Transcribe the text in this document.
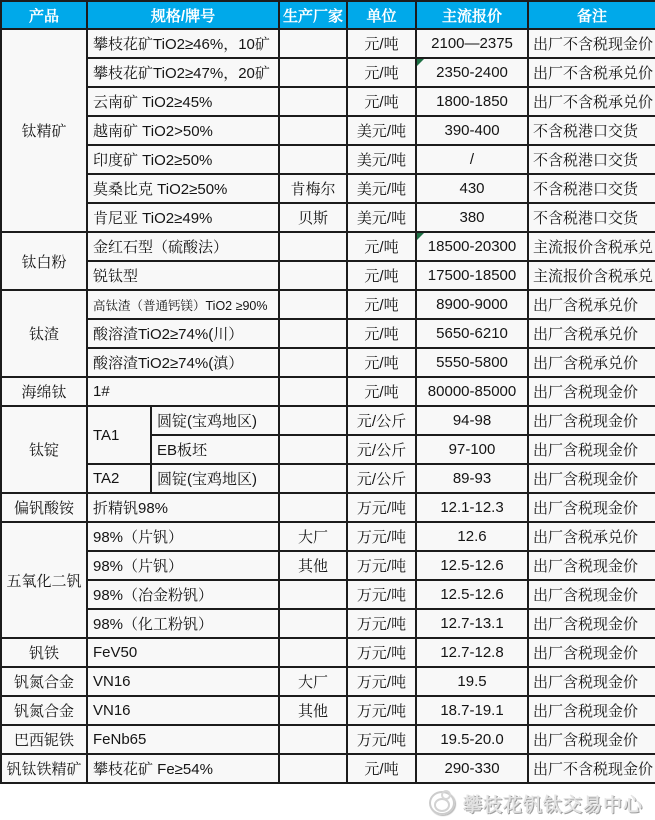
产品	规格/牌号		生产厂家	单位	主流报价	备注
钛精矿	攀枝花矿TiO2≥46%，10矿			元/吨	2100—2375	出厂不含税现金价
	攀枝花矿TiO2≥47%，20矿			元/吨	2350-2400	出厂不含税承兑价
	云南矿 TiO2≥45%			元/吨	1800-1850	出厂不含税承兑价
	越南矿 TiO2>50%			美元/吨	390-400	不含税港口交货
	印度矿 TiO2≥50%			美元/吨	/	不含税港口交货
	莫桑比克 TiO2≥50%		肯梅尔	美元/吨	430	不含税港口交货
	肯尼亚 TiO2≥49%		贝斯	美元/吨	380	不含税港口交货
钛白粉	金红石型（硫酸法）			元/吨	18500-20300	主流报价含税承兑
	锐钛型			元/吨	17500-18500	主流报价含税承兑
钛渣	高钛渣（普通钙镁）TiO2 ≥90%			元/吨	8900-9000	出厂含税承兑价
	酸溶渣TiO2≥74%(川）			元/吨	5650-6210	出厂含税承兑价
	酸溶渣TiO2≥74%(滇）			元/吨	5550-5800	出厂含税承兑价
海绵钛	1#			元/吨	80000-85000	出厂含税现金价
钛锭	TA1	圆锭(宝鸡地区)		元/公斤	94-98	出厂含税现金价
		EB板坯		元/公斤	97-100	出厂含税现金价
	TA2	圆锭(宝鸡地区)		元/公斤	89-93	出厂含税现金价
偏钒酸铵	折精钒98%			万元/吨	12.1-12.3	出厂含税现金价
五氧化二钒	98%（片钒）		大厂	万元/吨	12.6	出厂含税承兑价
	98%（片钒）		其他	万元/吨	12.5-12.6	出厂含税现金价
	98%（冶金粉钒）			万元/吨	12.5-12.6	出厂含税现金价
	98%（化工粉钒）			万元/吨	12.7-13.1	出厂含税现金价
钒铁	FeV50			万元/吨	12.7-12.8	出厂含税现金价
钒氮合金	VN16		大厂	万元/吨	19.5	出厂含税现金价
钒氮合金	VN16		其他	万元/吨	18.7-19.1	出厂含税现金价
巴西铌铁	FeNb65			万元/吨	19.5-20.0	出厂含税现金价
钒钛铁精矿	攀枝花矿 Fe≥54%			元/吨	290-330	出厂不含税现金价
攀枝花钒钛交易中心
